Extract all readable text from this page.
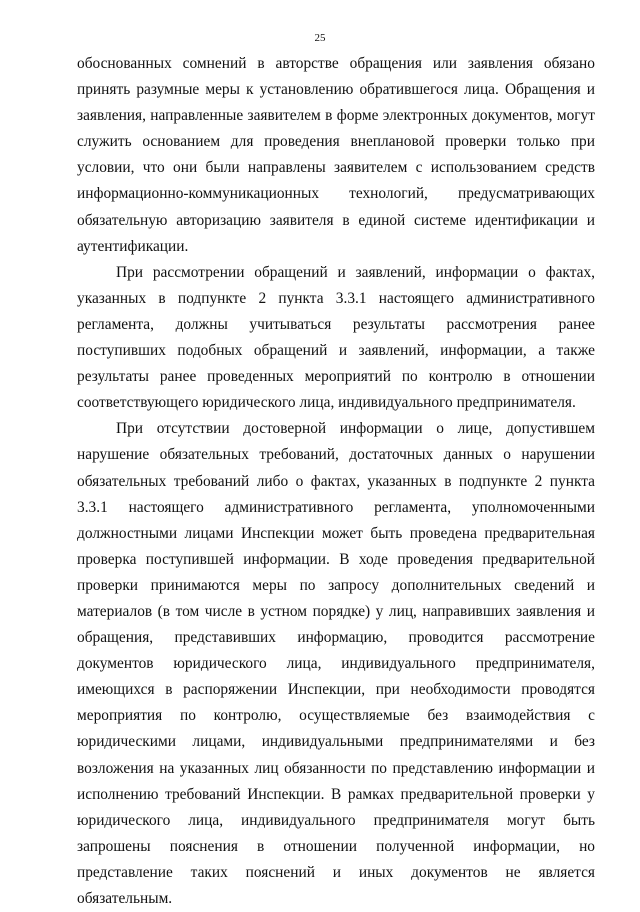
25

обоснованных сомнений в авторстве обращения или заявления обязано принять разумные меры к установлению обратившегося лица. Обращения и заявления, направленные заявителем в форме электронных документов, могут служить основанием для проведения внеплановой проверки только при условии, что они были направлены заявителем с использованием средств информационно-коммуникационных технологий, предусматривающих обязательную авторизацию заявителя в единой системе идентификации и аутентификации.

При рассмотрении обращений и заявлений, информации о фактах, указанных в подпункте 2 пункта 3.3.1 настоящего административного регламента, должны учитываться результаты рассмотрения ранее поступивших подобных обращений и заявлений, информации, а также результаты ранее проведенных мероприятий по контролю в отношении соответствующего юридического лица, индивидуального предпринимателя.

При отсутствии достоверной информации о лице, допустившем нарушение обязательных требований, достаточных данных о нарушении обязательных требований либо о фактах, указанных в подпункте 2 пункта 3.3.1 настоящего административного регламента, уполномоченными должностными лицами Инспекции может быть проведена предварительная проверка поступившей информации. В ходе проведения предварительной проверки принимаются меры по запросу дополнительных сведений и материалов (в том числе в устном порядке) у лиц, направивших заявления и обращения, представивших информацию, проводится рассмотрение документов юридического лица, индивидуального предпринимателя, имеющихся в распоряжении Инспекции, при необходимости проводятся мероприятия по контролю, осуществляемые без взаимодействия с юридическими лицами, индивидуальными предпринимателями и без возложения на указанных лиц обязанности по представлению информации и исполнению требований Инспекции. В рамках предварительной проверки у юридического лица, индивидуального предпринимателя могут быть запрошены пояснения в отношении полученной информации, но представление таких пояснений и иных документов не является обязательным.
